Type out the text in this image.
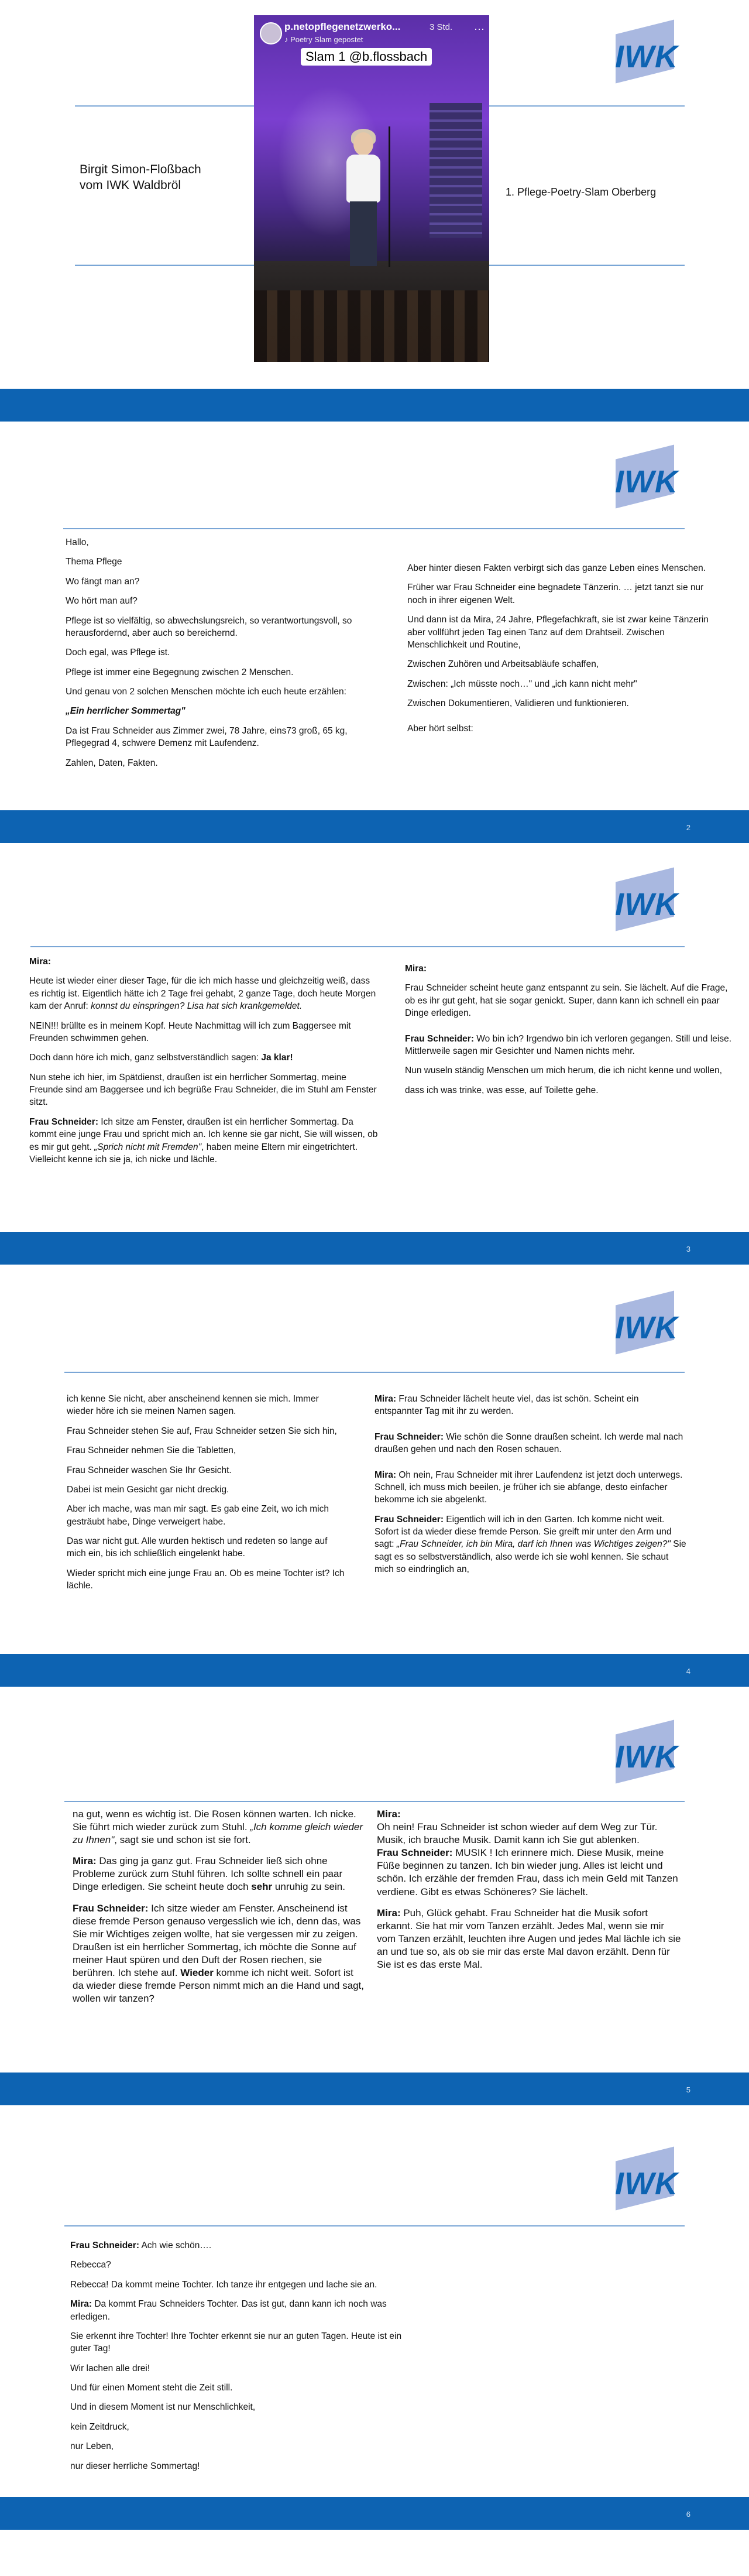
IWK
p.netopflegenetzwerko...	3 Std. ⋯
♪ Poetry Slam gepostet
Slam 1 @b.flossbach
Birgit Simon-Floßbach
vom IWK Waldbröl	1. Pflege-Poetry-Slam Oberberg
IWK

Hallo,

Thema Pflege

Wo fängt man an?

Wo hört man auf?

Pflege ist so vielfältig, so abwechslungsreich, so verantwortungsvoll, so herausfordernd, aber auch so bereichernd.

Doch egal, was Pflege ist.

Pflege ist immer eine Begegnung zwischen 2 Menschen.

Und genau von 2 solchen Menschen möchte ich euch heute erzählen:

„Ein herrlicher Sommertag"

Da ist Frau Schneider aus Zimmer zwei, 78 Jahre, eins73 groß, 65 kg, Pflegegrad 4, schwere Demenz mit Laufendenz.

Zahlen, Daten, Fakten.

Aber hinter diesen Fakten verbirgt sich das ganze Leben eines Menschen.

Früher war Frau Schneider eine begnadete Tänzerin. … jetzt tanzt sie nur noch in ihrer eigenen Welt.

Und dann ist da Mira, 24 Jahre, Pflegefachkraft, sie ist zwar keine Tänzerin aber vollführt jeden Tag einen Tanz auf dem Drahtseil. Zwischen Menschlichkeit und Routine,

Zwischen Zuhören und Arbeitsabläufe schaffen,

Zwischen: „Ich müsste noch…" und „ich kann nicht mehr"

Zwischen Dokumentieren, Validieren und funktionieren.

Aber hört selbst:

2
IWK

Mira:

Heute ist wieder einer dieser Tage, für die ich mich hasse und gleichzeitig weiß, dass es richtig ist. Eigentlich hätte ich 2 Tage frei gehabt, 2 ganze Tage, doch heute Morgen kam der Anruf: konnst du einspringen? Lisa hat sich krankgemeldet.

NEIN!!! brüllte es in meinem Kopf. Heute Nachmittag will ich zum Baggersee mit Freunden schwimmen gehen.

Doch dann höre ich mich, ganz selbstverständlich sagen: Ja klar!

Nun stehe ich hier, im Spätdienst, draußen ist ein herrlicher Sommertag, meine Freunde sind am Baggersee und ich begrüße Frau Schneider, die im Stuhl am Fenster sitzt.

Frau Schneider: Ich sitze am Fenster, draußen ist ein herrlicher Sommertag. Da kommt eine junge Frau und spricht mich an. Ich kenne sie gar nicht, Sie will wissen, ob es mir gut geht. „Sprich nicht mit Fremden", haben meine Eltern mir eingetrichtert. Vielleicht kenne ich sie ja, ich nicke und lächle.

Mira:

Frau Schneider scheint heute ganz entspannt zu sein. Sie lächelt. Auf die Frage, ob es ihr gut geht, hat sie sogar genickt. Super, dann kann ich schnell ein paar Dinge erledigen.

Frau Schneider: Wo bin ich? Irgendwo bin ich verloren gegangen. Still und leise. Mittlerweile sagen mir Gesichter und Namen nichts mehr.

Nun wuseln ständig Menschen um mich herum, die ich nicht kenne und wollen,

dass ich was trinke, was esse, auf Toilette gehe.

3
IWK

ich kenne Sie nicht, aber anscheinend kennen sie mich. Immer wieder höre ich sie meinen Namen sagen.

Frau Schneider stehen Sie auf, Frau Schneider setzen Sie sich hin,

Frau Schneider nehmen Sie die Tabletten,

Frau Schneider waschen Sie Ihr Gesicht.

Dabei ist mein Gesicht gar nicht dreckig.

Aber ich mache, was man mir sagt. Es gab eine Zeit, wo ich mich gesträubt habe, Dinge verweigert habe.

Das war nicht gut. Alle wurden hektisch und redeten so lange auf mich ein, bis ich schließlich eingelenkt habe.

Wieder spricht mich eine junge Frau an. Ob es meine Tochter ist? Ich lächle.

Mira: Frau Schneider lächelt heute viel, das ist schön. Scheint ein entspannter Tag mit ihr zu werden.

Frau Schneider: Wie schön die Sonne draußen scheint. Ich werde mal nach draußen gehen und nach den Rosen schauen.

Mira: Oh nein, Frau Schneider mit ihrer Laufendenz ist jetzt doch unterwegs. Schnell, ich muss mich beeilen, je früher ich sie abfange, desto einfacher bekomme ich sie abgelenkt.

Frau Schneider: Eigentlich will ich in den Garten. Ich komme nicht weit. Sofort ist da wieder diese fremde Person. Sie greift mir unter den Arm und sagt: „Frau Schneider, ich bin Mira, darf ich Ihnen was Wichtiges zeigen?" Sie sagt es so selbstverständlich, also werde ich sie wohl kennen. Sie schaut mich so eindringlich an,

4
IWK

na gut, wenn es wichtig ist. Die Rosen können warten. Ich nicke. Sie führt mich wieder zurück zum Stuhl. „Ich komme gleich wieder zu Ihnen", sagt sie und schon ist sie fort.

Mira: Das ging ja ganz gut. Frau Schneider ließ sich ohne Probleme zurück zum Stuhl führen. Ich sollte schnell ein paar Dinge erledigen. Sie scheint heute doch sehr unruhig zu sein.

Frau Schneider: Ich sitze wieder am Fenster. Anscheinend ist diese fremde Person genauso vergesslich wie ich, denn das, was Sie mir Wichtiges zeigen wollte, hat sie vergessen mir zu zeigen. Draußen ist ein herrlicher Sommertag, ich möchte die Sonne auf meiner Haut spüren und den Duft der Rosen riechen, sie berühren. Ich stehe auf. Wieder komme ich nicht weit. Sofort ist da wieder diese fremde Person nimmt mich an die Hand und sagt, wollen wir tanzen?

Mira:

Oh nein! Frau Schneider ist schon wieder auf dem Weg zur Tür. Musik, ich brauche Musik. Damit kann ich Sie gut ablenken.

Frau Schneider: MUSIK ! Ich erinnere mich. Diese Musik, meine Füße beginnen zu tanzen. Ich bin wieder jung. Alles ist leicht und schön. Ich erzähle der fremden Frau, dass ich mein Geld mit Tanzen verdiene. Gibt es etwas Schöneres? Sie lächelt.

Mira: Puh, Glück gehabt. Frau Schneider hat die Musik sofort erkannt. Sie hat mir vom Tanzen erzählt. Jedes Mal, wenn sie mir vom Tanzen erzählt, leuchten ihre Augen und jedes Mal lächle ich sie an und tue so, als ob sie mir das erste Mal davon erzählt. Denn für Sie ist es das erste Mal.

5
IWK

Frau Schneider: Ach wie schön….

Rebecca?

Rebecca! Da kommt meine Tochter. Ich tanze ihr entgegen und lache sie an.

Mira: Da kommt Frau Schneiders Tochter. Das ist gut, dann kann ich noch was erledigen.

Sie erkennt ihre Tochter! Ihre Tochter erkennt sie nur an guten Tagen. Heute ist ein guter Tag!

Wir lachen alle drei!

Und für einen Moment steht die Zeit still.

Und in diesem Moment ist nur Menschlichkeit,

kein Zeitdruck,

nur Leben,

nur dieser herrliche Sommertag!

6
